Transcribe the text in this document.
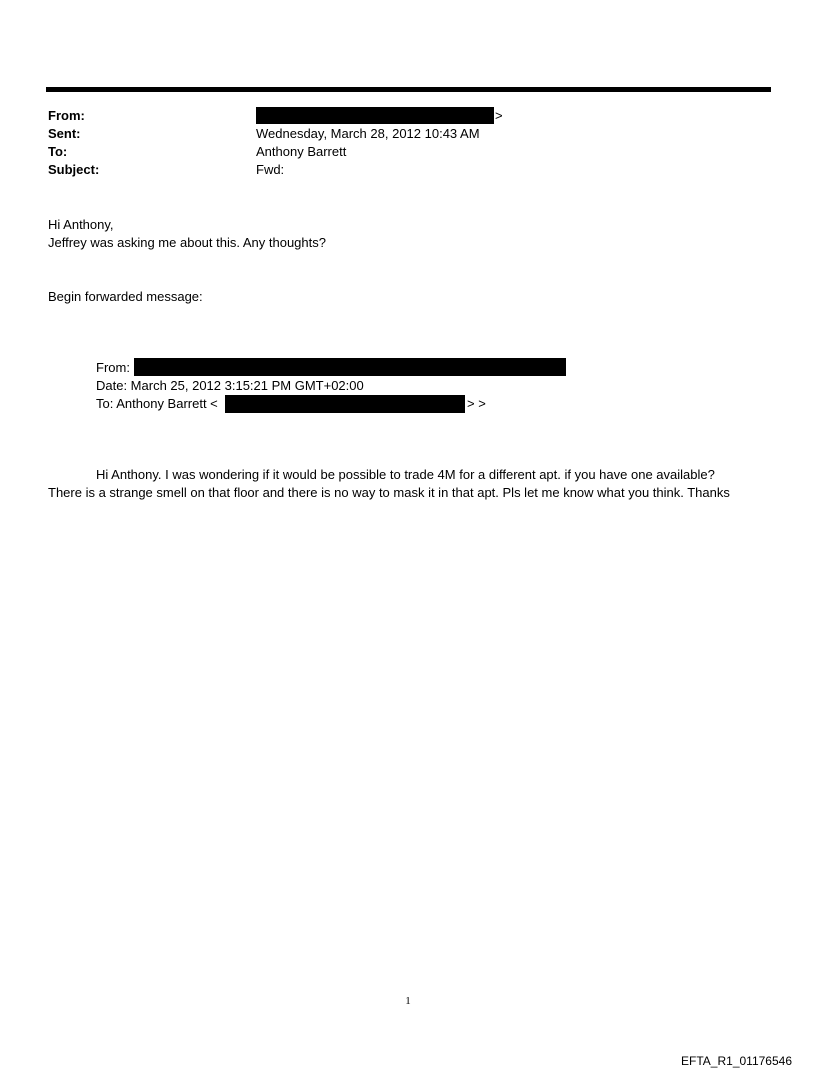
From:	>
Sent:	Wednesday, March 28, 2012 10:43 AM
To:	Anthony Barrett
Subject:	Fwd:
Hi Anthony,
Jeffrey was asking me about this. Any thoughts?
Begin forwarded message:
From:
Date: March 25, 2012 3:15:21 PM GMT+02:00
To: Anthony Barrett <	> >
Hi Anthony. I was wondering if it would be possible to trade 4M for a different apt. if you have one available?
There is a strange smell on that floor and there is no way to mask it in that apt. Pls let me know what you think. Thanks
1
EFTA_R1_01176546
